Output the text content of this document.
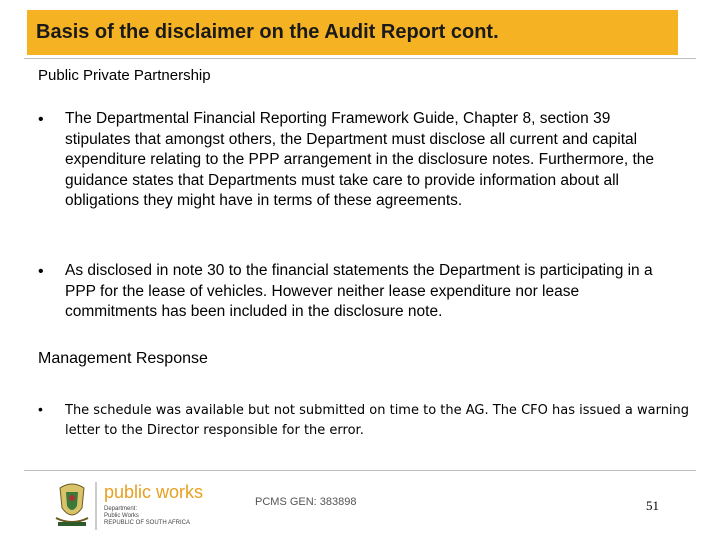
Basis of the disclaimer on the Audit Report cont.
Public Private Partnership
• The Departmental Financial Reporting Framework Guide, Chapter 8, section 39 stipulates that amongst others, the Department must disclose all current and capital expenditure relating to the PPP arrangement in the disclosure notes. Furthermore, the guidance states that Departments must take care to provide information about all obligations they might have in terms of these agreements.
• As disclosed in note 30 to the financial statements the Department is participating in a PPP for the lease of vehicles. However neither lease expenditure nor lease commitments has been included in the disclosure note.
Management Response
• The schedule was available but not submitted on time to the AG. The CFO has issued a warning letter to the Director responsible for the error.
public works
Department:
Public Works
REPUBLIC OF SOUTH AFRICA
PCMS GEN: 383898	51
